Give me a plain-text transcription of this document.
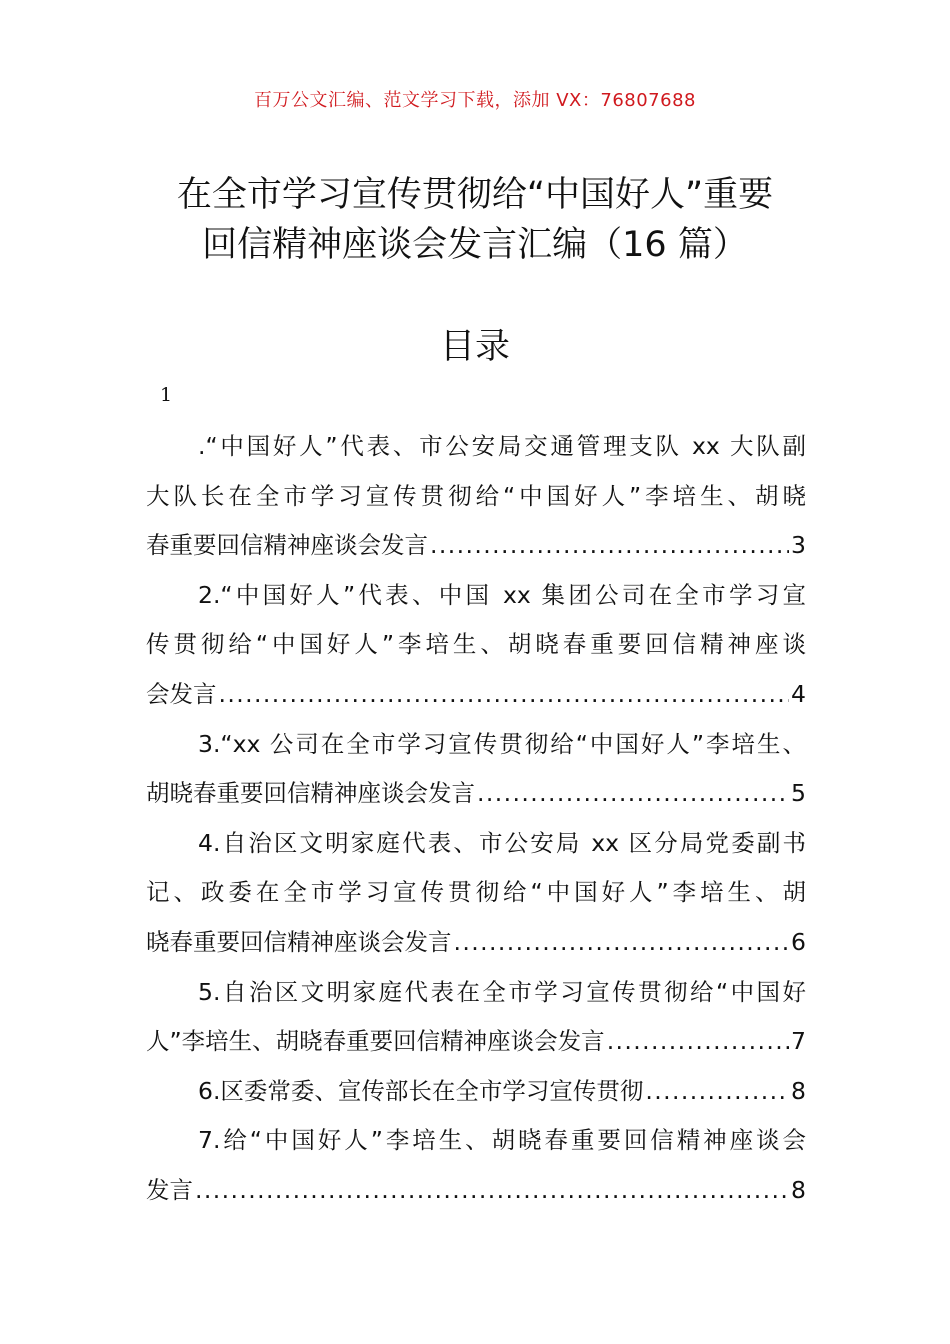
百万公文汇编、范文学习下载，添加 VX：76807688
在全市学习宣传贯彻给“中国好人”重要
回信精神座谈会发言汇编（16 篇）
目录
1
.“中国好人”代表、市公安局交通管理支队 xx 大队副
大队长在全市学习宣传贯彻给“中国好人”李培生、胡晓
春重要回信精神座谈会发言 .....	3
2.“中国好人”代表、中国 xx 集团公司在全市学习宣
传贯彻给“中国好人”李培生、胡晓春重要回信精神座谈
会发言 .....	4
3.“xx 公司在全市学习宣传贯彻给“中国好人”李培生、
胡晓春重要回信精神座谈会发言 .....	5
4.自治区文明家庭代表、市公安局 xx 区分局党委副书
记、政委在全市学习宣传贯彻给“中国好人”李培生、胡
晓春重要回信精神座谈会发言 .....	6
5.自治区文明家庭代表在全市学习宣传贯彻给“中国好
人”李培生、胡晓春重要回信精神座谈会发言 .....	7
6.区委常委、宣传部长在全市学习宣传贯彻 .....	8
7.给“中国好人”李培生、胡晓春重要回信精神座谈会
发言 .....	8
